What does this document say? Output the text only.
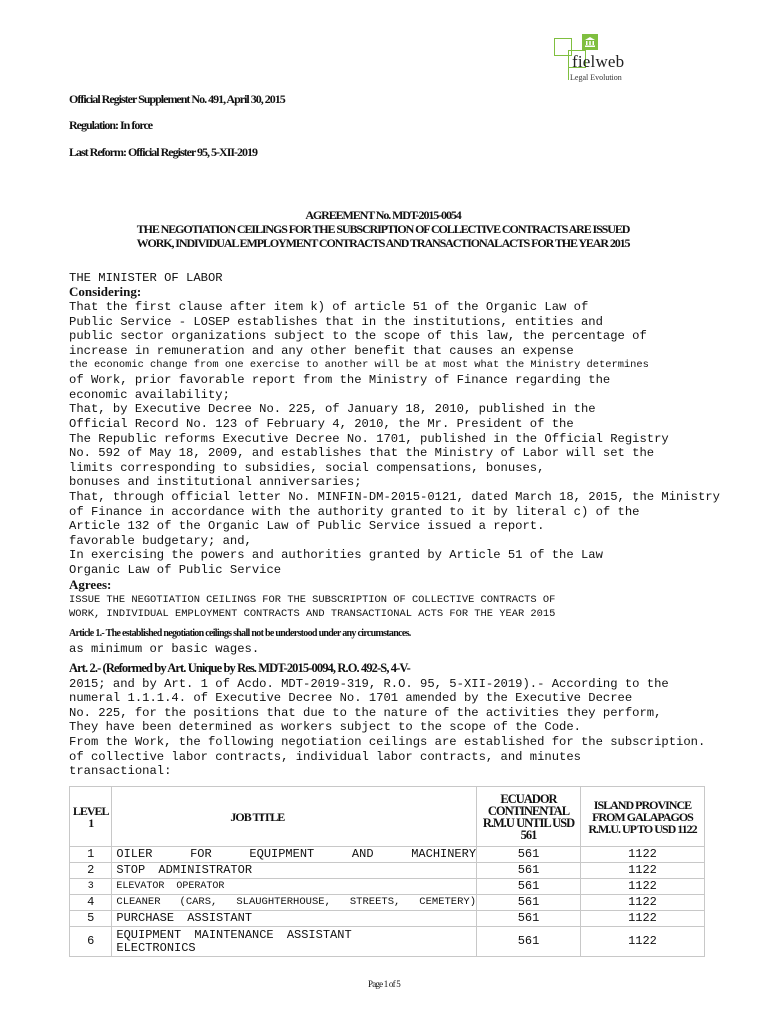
fielweb
Legal Evolution
Official Register Supplement No. 491, April 30, 2015
Regulation: In force
Last Reform: Official Register 95, 5-XII-2019
AGREEMENT No. MDT-2015-0054
THE NEGOTIATION CEILINGS FOR THE SUBSCRIPTION OF COLLECTIVE CONTRACTS ARE ISSUED
WORK, INDIVIDUAL EMPLOYMENT CONTRACTS AND TRANSACTIONAL ACTS FOR THE YEAR 2015
THE MINISTER OF LABOR
Considering:
That the first clause after item k) of article 51 of the Organic Law of
Public Service - LOSEP establishes that in the institutions, entities and
public sector organizations subject to the scope of this law, the percentage of
increase in remuneration and any other benefit that causes an expense
the economic change from one exercise to another will be at most what the Ministry determines
of Work, prior favorable report from the Ministry of Finance regarding the
economic availability;
That, by Executive Decree No. 225, of January 18, 2010, published in the
Official Record No. 123 of February 4, 2010, the Mr. President of the
The Republic reforms Executive Decree No. 1701, published in the Official Registry
No. 592 of May 18, 2009, and establishes that the Ministry of Labor will set the
limits corresponding to subsidies, social compensations, bonuses,
bonuses and institutional anniversaries;
That, through official letter No. MINFIN-DM-2015-0121, dated March 18, 2015, the Ministry
of Finance in accordance with the authority granted to it by literal c) of the
Article 132 of the Organic Law of Public Service issued a report.
favorable budgetary; and,
In exercising the powers and authorities granted by Article 51 of the Law
Organic Law of Public Service
Agrees:
ISSUE THE NEGOTIATION CEILINGS FOR THE SUBSCRIPTION OF COLLECTIVE CONTRACTS OF
WORK, INDIVIDUAL EMPLOYMENT CONTRACTS AND TRANSACTIONAL ACTS FOR THE YEAR 2015
Article 1.- The established negotiation ceilings shall not be understood under any circumstances.
as minimum or basic wages.
Art. 2.- (Reformed by Art. Unique by Res. MDT-2015-0094, R.O. 492-S, 4-V-
2015; and by Art. 1 of Acdo. MDT-2019-319, R.O. 95, 5-XII-2019).- According to the
numeral 1.1.1.4. of Executive Decree No. 1701 amended by the Executive Decree
No. 225, for the positions that due to the nature of the activities they perform,
They have been determined as workers subject to the scope of the Code.
From the Work, the following negotiation ceilings are established for the subscription.
of collective labor contracts, individual labor contracts, and minutes
transactional:
LEVEL 1	JOB TITLE	ECUADOR CONTINENTAL R.M.U UNTIL USD 561	ISLAND PROVINCE FROM GALAPAGOS R.M.U. UP TO USD 1122
1	OILER FOR EQUIPMENT AND MACHINERY	561	1122
2	STOP ADMINISTRATOR	561	1122
3	ELEVATOR OPERATOR	561	1122
4	CLEANER (CARS, SLAUGHTERHOUSE, STREETS, CEMETERY)	561	1122
5	PURCHASE ASSISTANT	561	1122
6	EQUIPMENT MAINTENANCE ASSISTANT
ELECTRONICS	561	1122
Page 1 of 5
